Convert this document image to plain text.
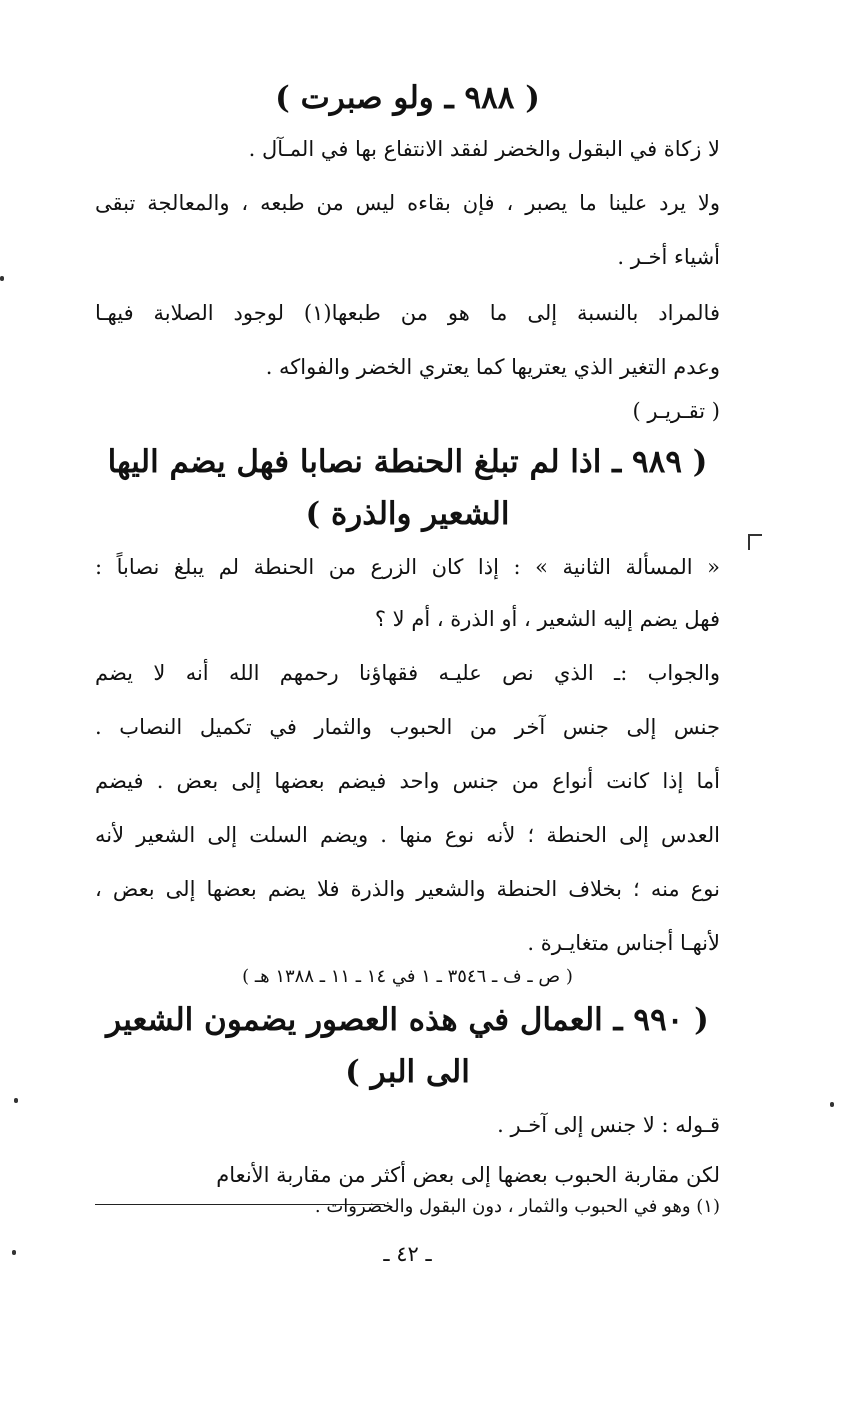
( ٩٨٨ ـ ولو صبرت )
لا زكاة في البقول والخضر لفقد الانتفاع بها في المـآل .
ولا يرد علينا ما يصبر ، فإن بقاءه ليس من طبعه ، والمعالجة تبقى
أشياء أخـر .
فالمراد بالنسبة إلى ما هو من طبعها(١) لوجود الصلابة فيهـا
وعدم التغير الذي يعتريها كما يعتري الخضر والفواكه .
( تقـريـر )
( ٩٨٩ ـ اذا لم تبلغ الحنطة نصابا فهل يضم اليها
الشعير والذرة )
« المسألة الثانية » : إذا كان الزرع من الحنطة لم يبلغ نصاباً :
فهل يضم إليه الشعير ، أو الذرة ، أم لا ؟
والجواب :ـ الذي نص عليـه فقهاؤنا رحمهم الله أنه لا يضم
جنس إلى جنس آخر من الحبوب والثمار في تكميل النصاب .
أما إذا كانت أنواع من جنس واحد فيضم بعضها إلى بعض . فيضم
العدس إلى الحنطة ؛ لأنه نوع منها . ويضم السلت إلى الشعير لأنه
نوع منه ؛ بخلاف الحنطة والشعير والذرة فلا يضم بعضها إلى بعض ،
لأنهـا أجناس متغايـرة .
( ص ـ ف ـ ٣٥٤٦ ـ ١ في ١٤ ـ ١١ ـ ١٣٨٨ هـ )
( ٩٩٠ ـ العمال في هذه العصور يضمون الشعير
الى البر )
قـوله : لا جنس إلى آخـر .
لكن مقاربة الحبوب بعضها إلى بعض أكثر من مقاربة الأنعام
(١) وهو في الحبوب والثمار ، دون البقول والخضروات .
ـ ٤٢ ـ
